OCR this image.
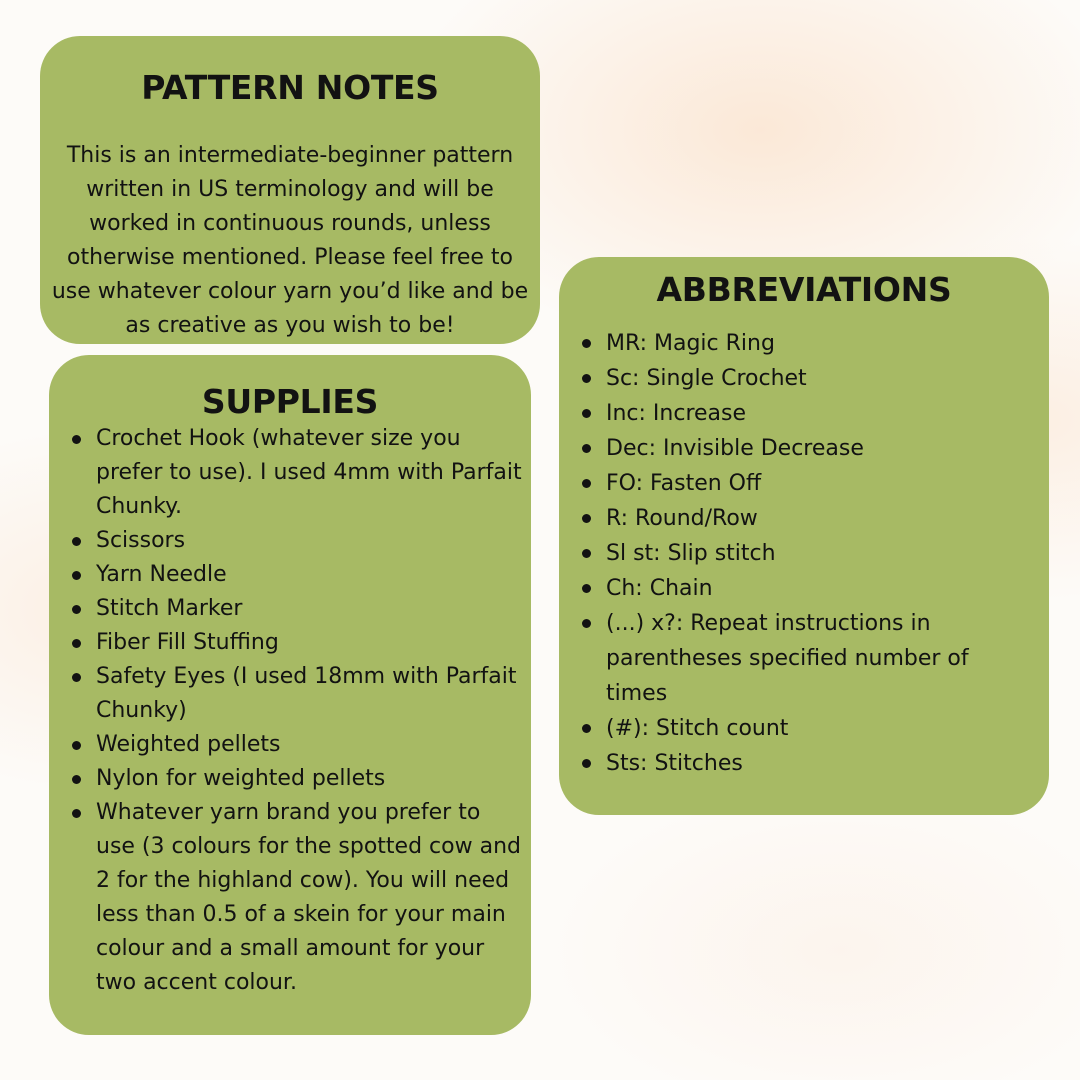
PATTERN NOTES

This is an intermediate-beginner pattern written in US terminology and will be worked in continuous rounds, unless otherwise mentioned. Please feel free to use whatever colour yarn you’d like and be as creative as you wish to be!

SUPPLIES
Crochet Hook (whatever size you prefer to use). I used 4mm with Parfait Chunky.
Scissors
Yarn Needle
Stitch Marker
Fiber Fill Stuffing
Safety Eyes (I used 18mm with Parfait Chunky)
Weighted pellets
Nylon for weighted pellets
Whatever yarn brand you prefer to use (3 colours for the spotted cow and 2 for the highland cow). You will need less than 0.5 of a skein for your main colour and a small amount for your two accent colour.
ABBREVIATIONS
MR: Magic Ring
Sc: Single Crochet
Inc: Increase
Dec: Invisible Decrease
FO: Fasten Off
R: Round/Row
Sl st: Slip stitch
Ch: Chain
(...) x?: Repeat instructions in parentheses specified number of times
(#): Stitch count
Sts: Stitches
